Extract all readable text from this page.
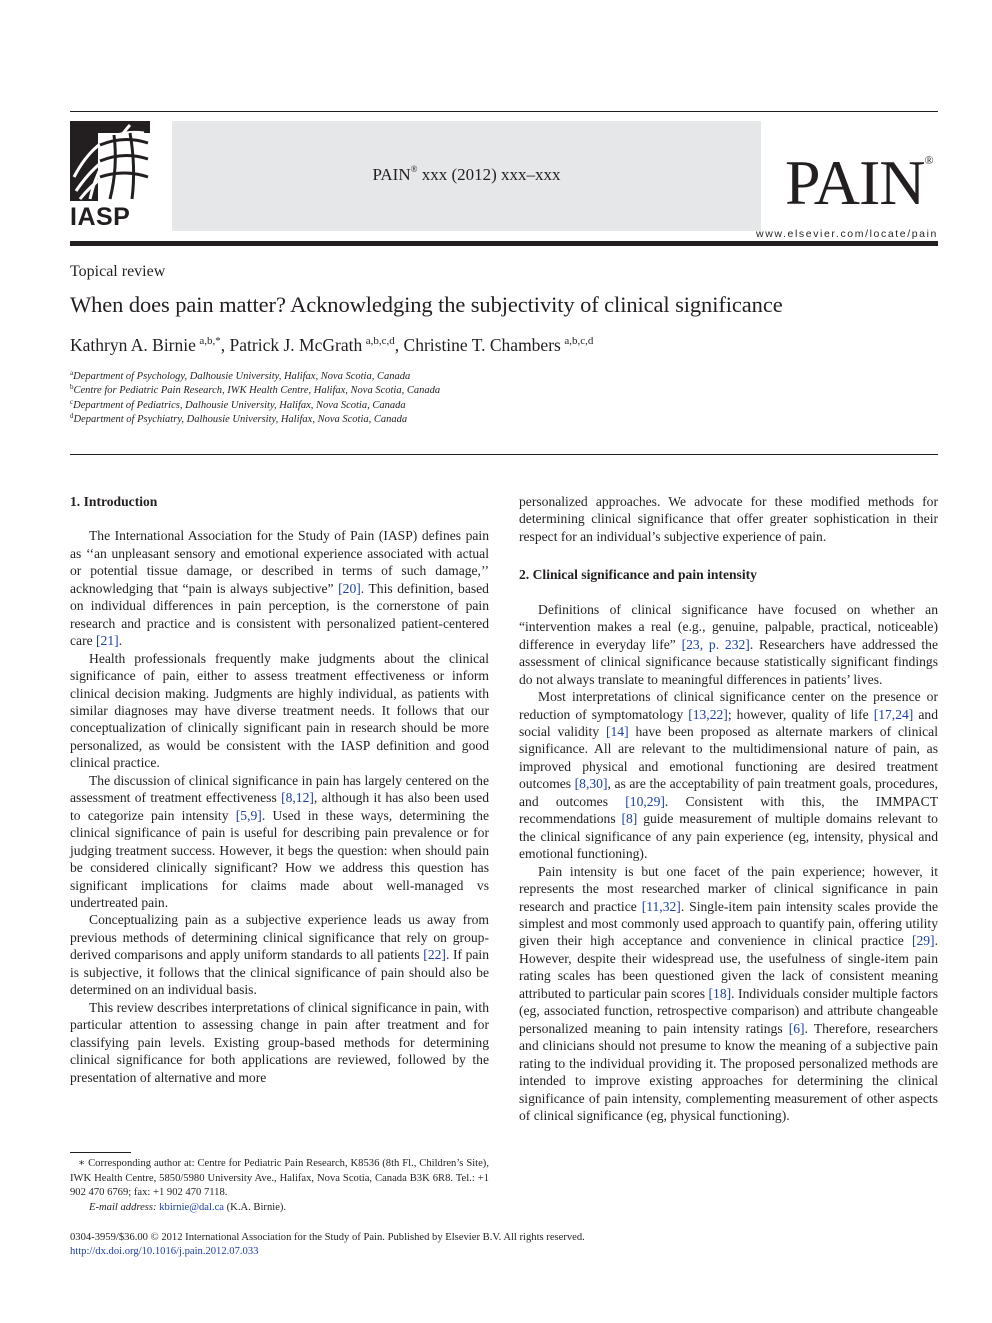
IASP
PAIN® xxx (2012) xxx–xxx	PAIN®
www.elsevier.com/locate/pain
Topical review
When does pain matter? Acknowledging the subjectivity of clinical significance
Kathryn A. Birnie  $^{a,b,*}$, Patrick J. McGrath  $^{a,b,c,d}$, Christine T. Chambers  $^{a,b,c,d}$
$^a$Department of Psychology, Dalhousie University, Halifax, Nova Scotia, Canada
$^b$Centre for Pediatric Pain Research, IWK Health Centre, Halifax, Nova Scotia, Canada
$^c$Department of Pediatrics, Dalhousie University, Halifax, Nova Scotia, Canada
$^d$Department of Psychiatry, Dalhousie University, Halifax, Nova Scotia, Canada
1. Introduction

The International Association for the Study of Pain (IASP) defines pain as ‘‘an unpleasant sensory and emotional experience associated with actual or potential tissue damage, or described in terms of such damage,’’ acknowledging that “pain is always subjective” [20]. This definition, based on individual differences in pain perception, is the cornerstone of pain research and practice and is consistent with personalized patient-centered care [21].

Health professionals frequently make judgments about the clinical significance of pain, either to assess treatment effectiveness or inform clinical decision making. Judgments are highly individual, as patients with similar diagnoses may have diverse treatment needs. It follows that our conceptualization of clinically significant pain in research should be more personalized, as would be consistent with the IASP definition and good clinical practice.

The discussion of clinical significance in pain has largely centered on the assessment of treatment effectiveness [8,12], although it has also been used to categorize pain intensity [5,9]. Used in these ways, determining the clinical significance of pain is useful for describing pain prevalence or for judging treatment success. However, it begs the question: when should pain be considered clinically significant? How we address this question has significant implications for claims made about well-managed vs undertreated pain.

Conceptualizing pain as a subjective experience leads us away from previous methods of determining clinical significance that rely on group-derived comparisons and apply uniform standards to all patients [22]. If pain is subjective, it follows that the clinical significance of pain should also be determined on an individual basis.

This review describes interpretations of clinical significance in pain, with particular attention to assessing change in pain after treatment and for classifying pain levels. Existing group-based methods for determining clinical significance for both applications are reviewed, followed by the presentation of alternative and more

personalized approaches. We advocate for these modified methods for determining clinical significance that offer greater sophistication in their respect for an individual’s subjective experience of pain.

2. Clinical significance and pain intensity

Definitions of clinical significance have focused on whether an “intervention makes a real (e.g., genuine, palpable, practical, noticeable) difference in everyday life” [23, p. 232]. Researchers have addressed the assessment of clinical significance because statistically significant findings do not always translate to meaningful differences in patients’ lives.

Most interpretations of clinical significance center on the presence or reduction of symptomatology [13,22]; however, quality of life [17,24] and social validity [14] have been proposed as alternate markers of clinical significance. All are relevant to the multidimensional nature of pain, as improved physical and emotional functioning are desired treatment outcomes [8,30], as are the acceptability of pain treatment goals, procedures, and outcomes [10,29]. Consistent with this, the IMMPACT recommendations [8] guide measurement of multiple domains relevant to the clinical significance of any pain experience (eg, intensity, physical and emotional functioning).

Pain intensity is but one facet of the pain experience; however, it represents the most researched marker of clinical significance in pain research and practice [11,32]. Single-item pain intensity scales provide the simplest and most commonly used approach to quantify pain, offering utility given their high acceptance and convenience in clinical practice [29]. However, despite their widespread use, the usefulness of single-item pain rating scales has been questioned given the lack of consistent meaning attributed to particular pain scores [18]. Individuals consider multiple factors (eg, associated function, retrospective comparison) and attribute changeable personalized meaning to pain intensity ratings [6]. Therefore, researchers and clinicians should not presume to know the meaning of a subjective pain rating to the individual providing it. The proposed personalized methods are intended to improve existing approaches for determining the clinical significance of pain intensity, complementing measurement of other aspects of clinical significance (eg, physical functioning).

∗ Corresponding author at: Centre for Pediatric Pain Research, K8536 (8th Fl., Children’s Site), IWK Health Centre, 5850/5980 University Ave., Halifax, Nova Scotia, Canada B3K 6R8. Tel.: +1 902 470 6769; fax: +1 902 470 7118.
E-mail address: kbirnie@dal.ca (K.A. Birnie).
0304-3959/$36.00 © 2012 International Association for the Study of Pain. Published by Elsevier B.V. All rights reserved.
http://dx.doi.org/10.1016/j.pain.2012.07.033
